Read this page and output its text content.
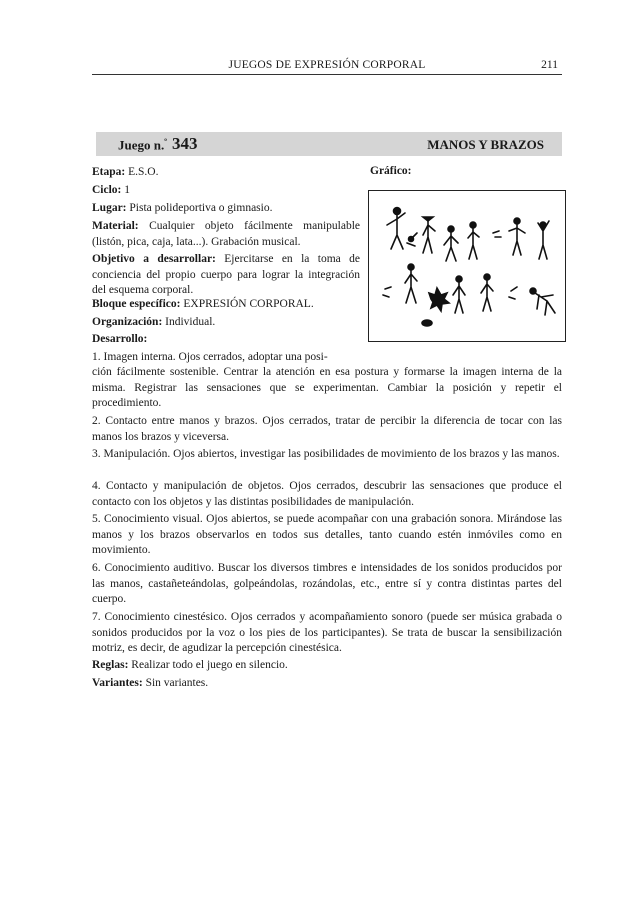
JUEGOS DE EXPRESIÓN CORPORAL	211
Juego n.$^º$ 343	MANOS Y BRAZOS
Etapa: E.S.O.
Ciclo: 1
Lugar: Pista polideportiva o gimnasio.
Material: Cualquier objeto fácilmente manipulable (listón, pica, caja, lata...). Grabación musical.
Objetivo a desarrollar: Ejercitarse en la toma de conciencia del propio cuerpo para lograr la integración del esquema corporal.
Bloque específico: EXPRESIÓN CORPORAL.
Organización: Individual.
Desarrollo:
1. Imagen interna. Ojos cerrados, adoptar una posi-
ción fácilmente sostenible. Centrar la atención en esa postura y formarse la imagen interna de la misma. Registrar las sensaciones que se experimentan. Cambiar la posición y repetir el procedimiento.
2. Contacto entre manos y brazos. Ojos cerrados, tratar de percibir la diferencia de tocar con las manos los brazos y viceversa.
3. Manipulación. Ojos abiertos, investigar las posibilidades de movimiento de los brazos y las manos.
4. Contacto y manipulación de objetos. Ojos cerrados, descubrir las sensaciones que produce el contacto con los objetos y las distintas posibilidades de manipulación.
5. Conocimiento visual. Ojos abiertos, se puede acompañar con una grabación sonora. Mirándose las manos y los brazos observarlos en todos sus detalles, tanto cuando estén inmóviles como en movimiento.
6. Conocimiento auditivo. Buscar los diversos timbres e intensidades de los sonidos producidos por las manos, castañeteándolas, golpeándolas, rozándolas, etc., entre sí y contra distintas partes del cuerpo.
7. Conocimiento cinestésico. Ojos cerrados y acompañamiento sonoro (puede ser música grabada o sonidos producidos por la voz o los pies de los participantes). Se trata de buscar la sensibilización motriz, es decir, de agudizar la percepción cinestésica.
Reglas: Realizar todo el juego en silencio.
Variantes: Sin variantes.
Gráfico:
